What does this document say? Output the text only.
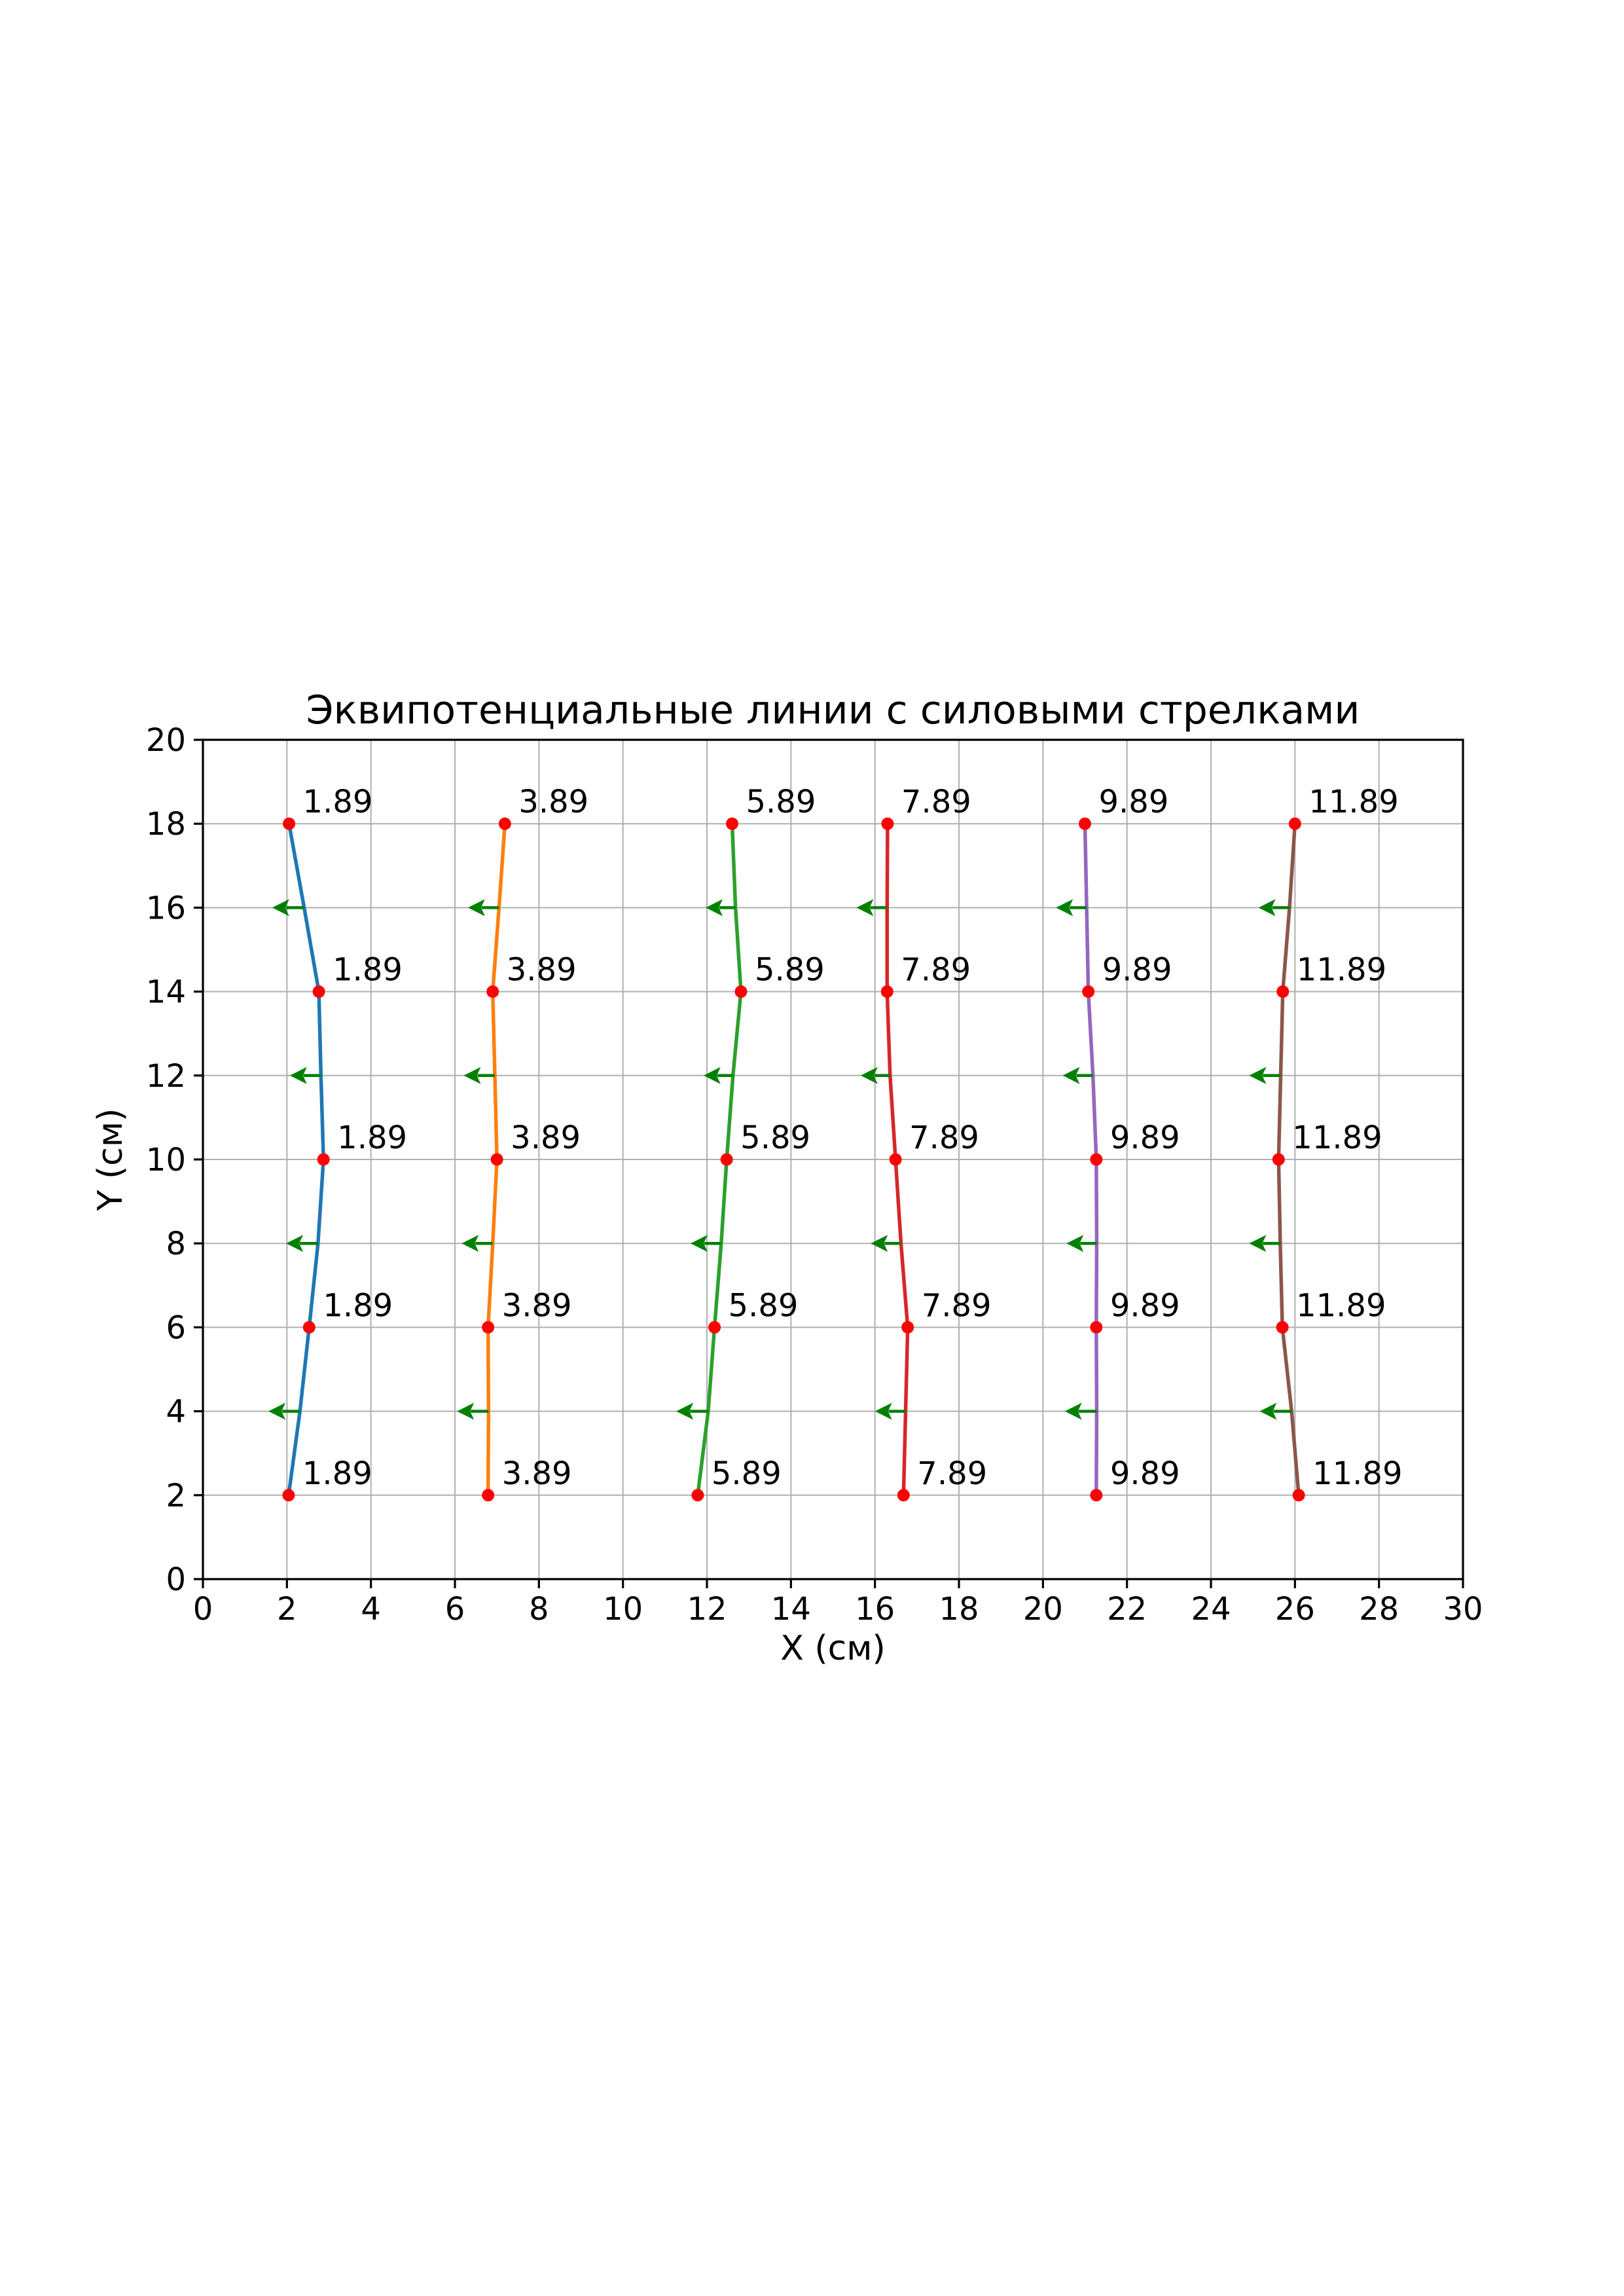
0 2 4 6 8 10 12 14 16 18 20 22 24 26 28 30
0
2
4
6
8
10
12
14
16
18
20
1.89
1.89
1.89
1.89
1.89
3.89
3.89
3.89
3.89
3.89
5.89
5.89
5.89
5.89
5.89
7.89
7.89
7.89
7.89
7.89
9.89
9.89
9.89
9.89
9.89
11.89
11.89
11.89
11.89
11.89
Эквипотенциальные линии с силовыми стрелками
X (см)
Y (см)
